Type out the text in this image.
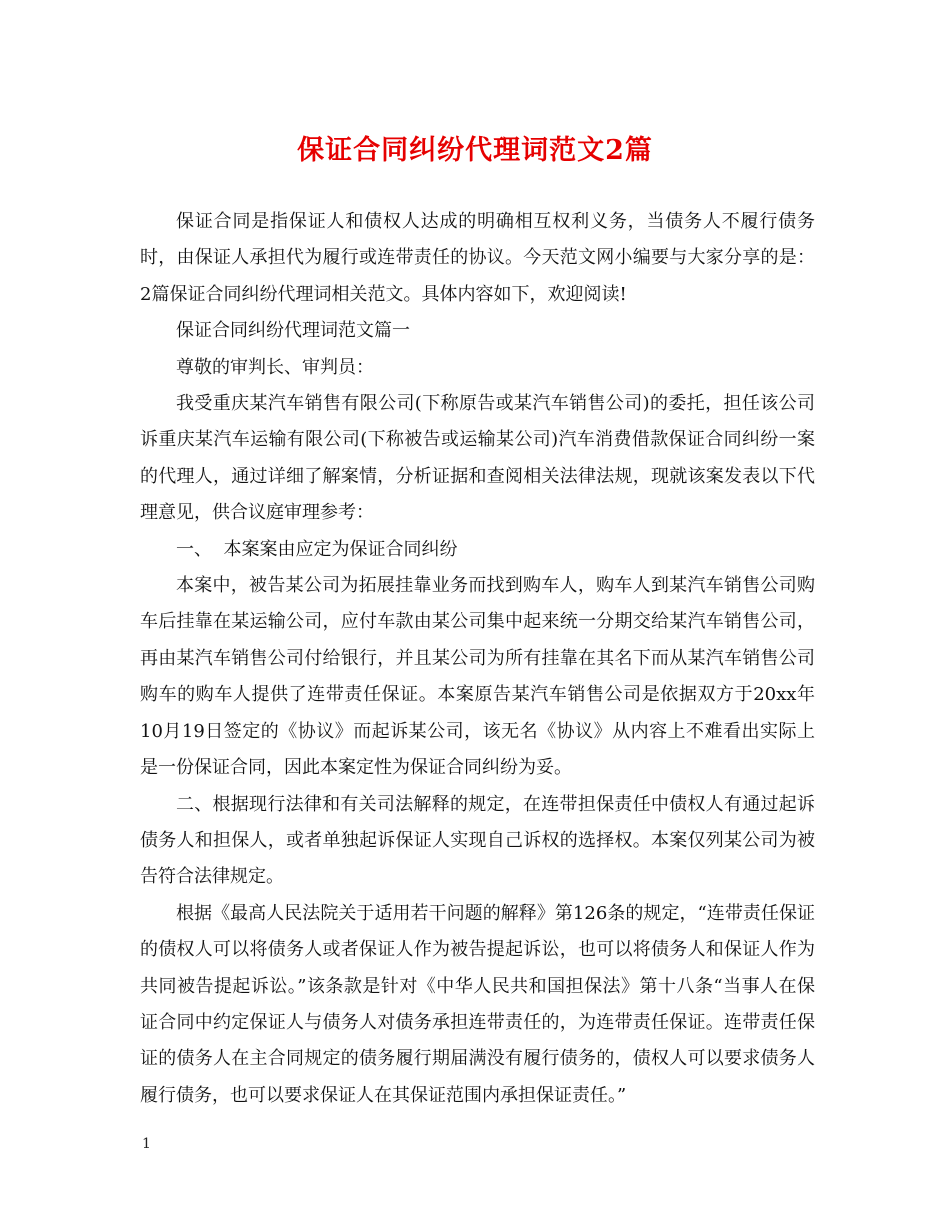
保证合同纠纷代理词范文2篇

保证合同是指保证人和债权人达成的明确相互权利义务，当债务人不履行债务时，由保证人承担代为履行或连带责任的协议。今天范文网小编要与大家分享的是：2篇保证合同纠纷代理词相关范文。具体内容如下，欢迎阅读!

保证合同纠纷代理词范文篇一

尊敬的审判长、审判员：

我受重庆某汽车销售有限公司(下称原告或某汽车销售公司)的委托，担任该公司诉重庆某汽车运输有限公司(下称被告或运输某公司)汽车消费借款保证合同纠纷一案的代理人，通过详细了解案情，分析证据和查阅相关法律法规，现就该案发表以下代理意见，供合议庭审理参考：

一、  本案案由应定为保证合同纠纷

本案中，被告某公司为拓展挂靠业务而找到购车人，购车人到某汽车销售公司购车后挂靠在某运输公司，应付车款由某公司集中起来统一分期交给某汽车销售公司，再由某汽车销售公司付给银行，并且某公司为所有挂靠在其名下而从某汽车销售公司购车的购车人提供了连带责任保证。本案原告某汽车销售公司是依据双方于20xx年10月19日签定的《协议》而起诉某公司，该无名《协议》从内容上不难看出实际上是一份保证合同，因此本案定性为保证合同纠纷为妥。

二、根据现行法律和有关司法解释的规定，在连带担保责任中债权人有通过起诉债务人和担保人，或者单独起诉保证人实现自己诉权的选择权。本案仅列某公司为被告符合法律规定。

根据《最高人民法院关于适用若干问题的解释》第126条的规定，“连带责任保证的债权人可以将债务人或者保证人作为被告提起诉讼，也可以将债务人和保证人作为共同被告提起诉讼。”该条款是针对《中华人民共和国担保法》第十八条“当事人在保证合同中约定保证人与债务人对债务承担连带责任的，为连带责任保证。连带责任保证的债务人在主合同规定的债务履行期届满没有履行债务的，债权人可以要求债务人履行债务，也可以要求保证人在其保证范围内承担保证责任。”

1
